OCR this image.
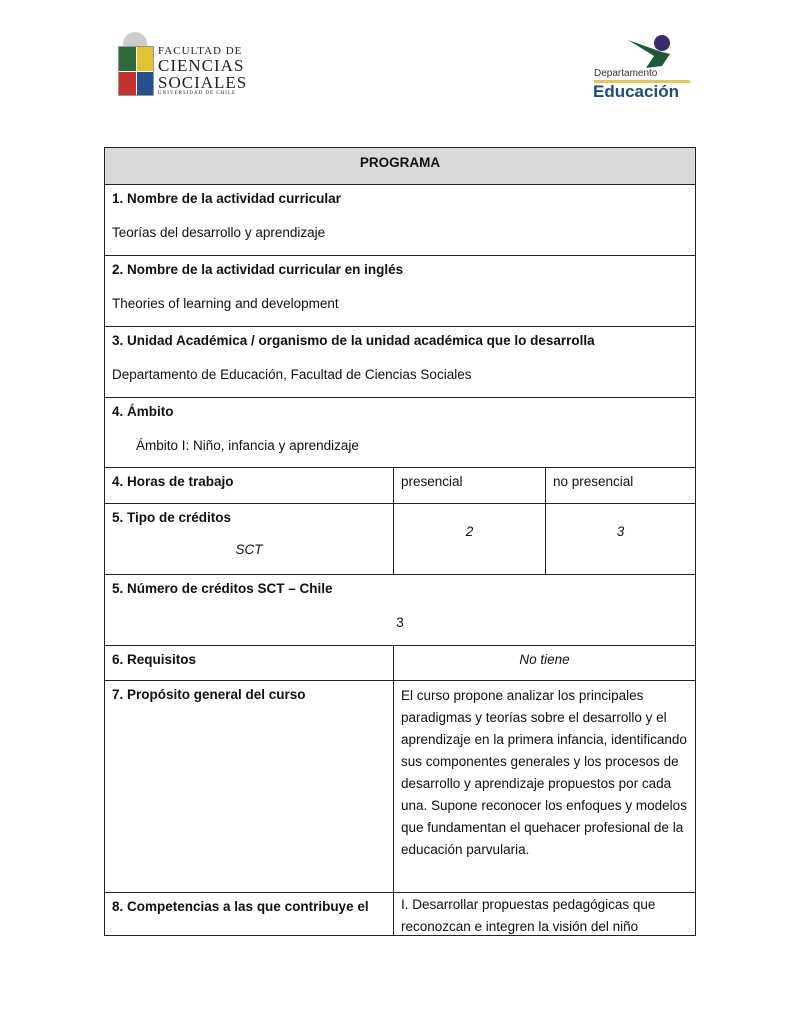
FACULTAD DE
CIENCIAS
SOCIALES
UNIVERSIDAD DE CHILE
Departamento
Educación
PROGRAMA
1. Nombre de la actividad curricular
Teorías del desarrollo y aprendizaje
2. Nombre de la actividad curricular en inglés
Theories of learning and development
3. Unidad Académica / organismo de la unidad académica que lo desarrolla
Departamento de Educación, Facultad de Ciencias Sociales
4. Ámbito
Ámbito I: Niño, infancia y aprendizaje
4. Horas de trabajo	presencial	no presencial
5. Tipo de créditos
SCT
2	3
5. Número de créditos SCT – Chile
3
6. Requisitos	No tiene
7. Propósito general del curso	El curso propone analizar los principales paradigmas y teorías sobre el desarrollo y el aprendizaje en la primera infancia, identificando sus componentes generales y los procesos de desarrollo y aprendizaje propuestos por cada una. Supone reconocer los enfoques y modelos que fundamentan el quehacer profesional de la educación parvularia.
8. Competencias a las que contribuye el	I. Desarrollar propuestas pedagógicas que reconozcan e integren la visión del niño
